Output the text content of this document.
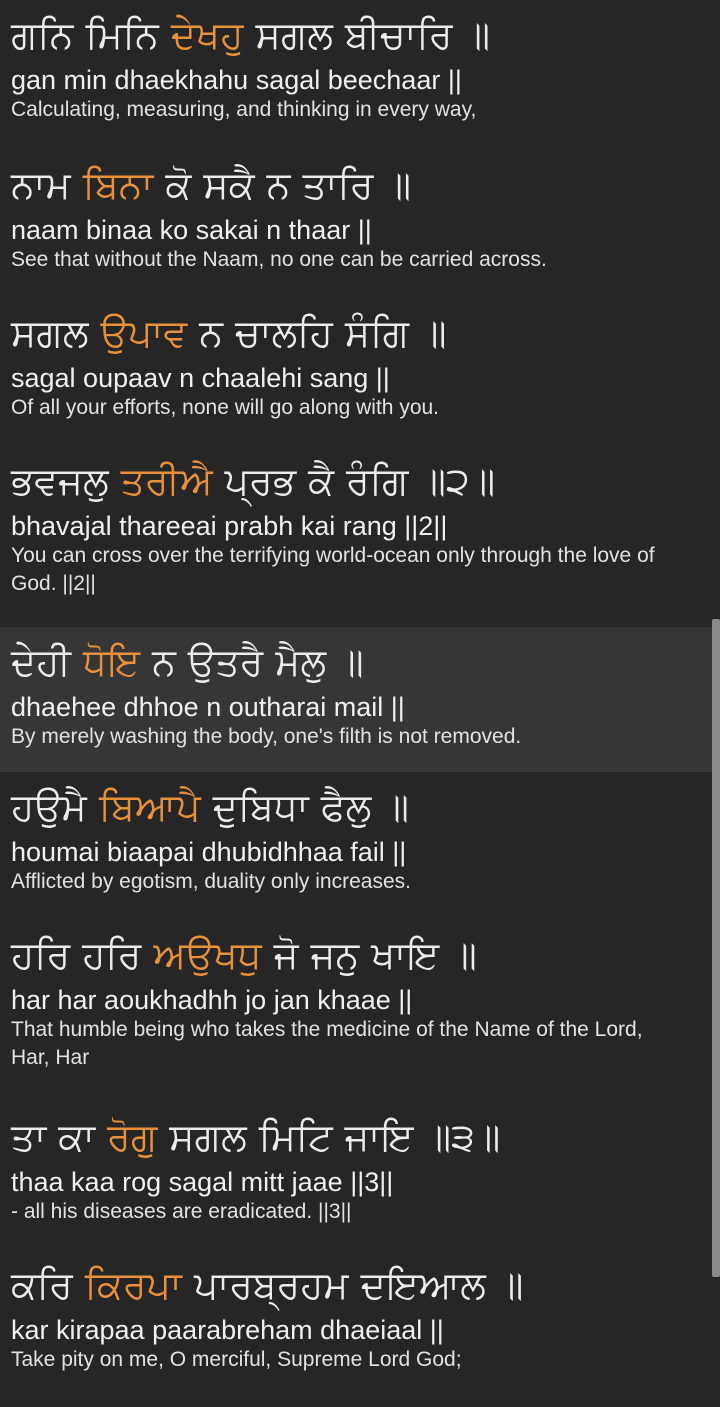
ਗਨਿ ਮਿਨਿ ਦੇਖਹੁ ਸਗਲ ਬੀਚਾਰਿ ॥
gan min dhaekhahu sagal beechaar ||
Calculating, measuring, and thinking in every way,
ਨਾਮ ਬਿਨਾ ਕੋ ਸਕੈ ਨ ਤਾਰਿ ॥
naam binaa ko sakai n thaar ||
See that without the Naam, no one can be carried across.
ਸਗਲ ਉਪਾਵ ਨ ਚਾਲਹਿ ਸੰਗਿ ॥
sagal oupaav n chaalehi sang ||
Of all your efforts, none will go along with you.
ਭਵਜਲੁ ਤਰੀਐ ਪ੍ਰਭ ਕੈ ਰੰਗਿ ॥੨॥
bhavajal thareeai prabh kai rang ||2||
You can cross over the terrifying world-ocean only through the love of God. ||2||
ਦੇਹੀ ਧੋਇ ਨ ਉਤਰੈ ਮੈਲੁ ॥
dhaehee dhhoe n outharai mail ||
By merely washing the body, one's filth is not removed.
ਹਉਮੈ ਬਿਆਪੈ ਦੁਬਿਧਾ ਫੈਲੁ ॥
houmai biaapai dhubidhhaa fail ||
Afflicted by egotism, duality only increases.
ਹਰਿ ਹਰਿ ਅਉਖਧੁ ਜੋ ਜਨੁ ਖਾਇ ॥
har har aoukhadhh jo jan khaae ||
That humble being who takes the medicine of the Name of the Lord, Har, Har
ਤਾ ਕਾ ਰੋਗੁ ਸਗਲ ਮਿਟਿ ਜਾਇ ॥੩॥
thaa kaa rog sagal mitt jaae ||3||
- all his diseases are eradicated. ||3||
ਕਰਿ ਕਿਰਪਾ ਪਾਰਬ੍ਰਹਮ ਦਇਆਲ ॥
kar kirapaa paarabreham dhaeiaal ||
Take pity on me, O merciful, Supreme Lord God;
